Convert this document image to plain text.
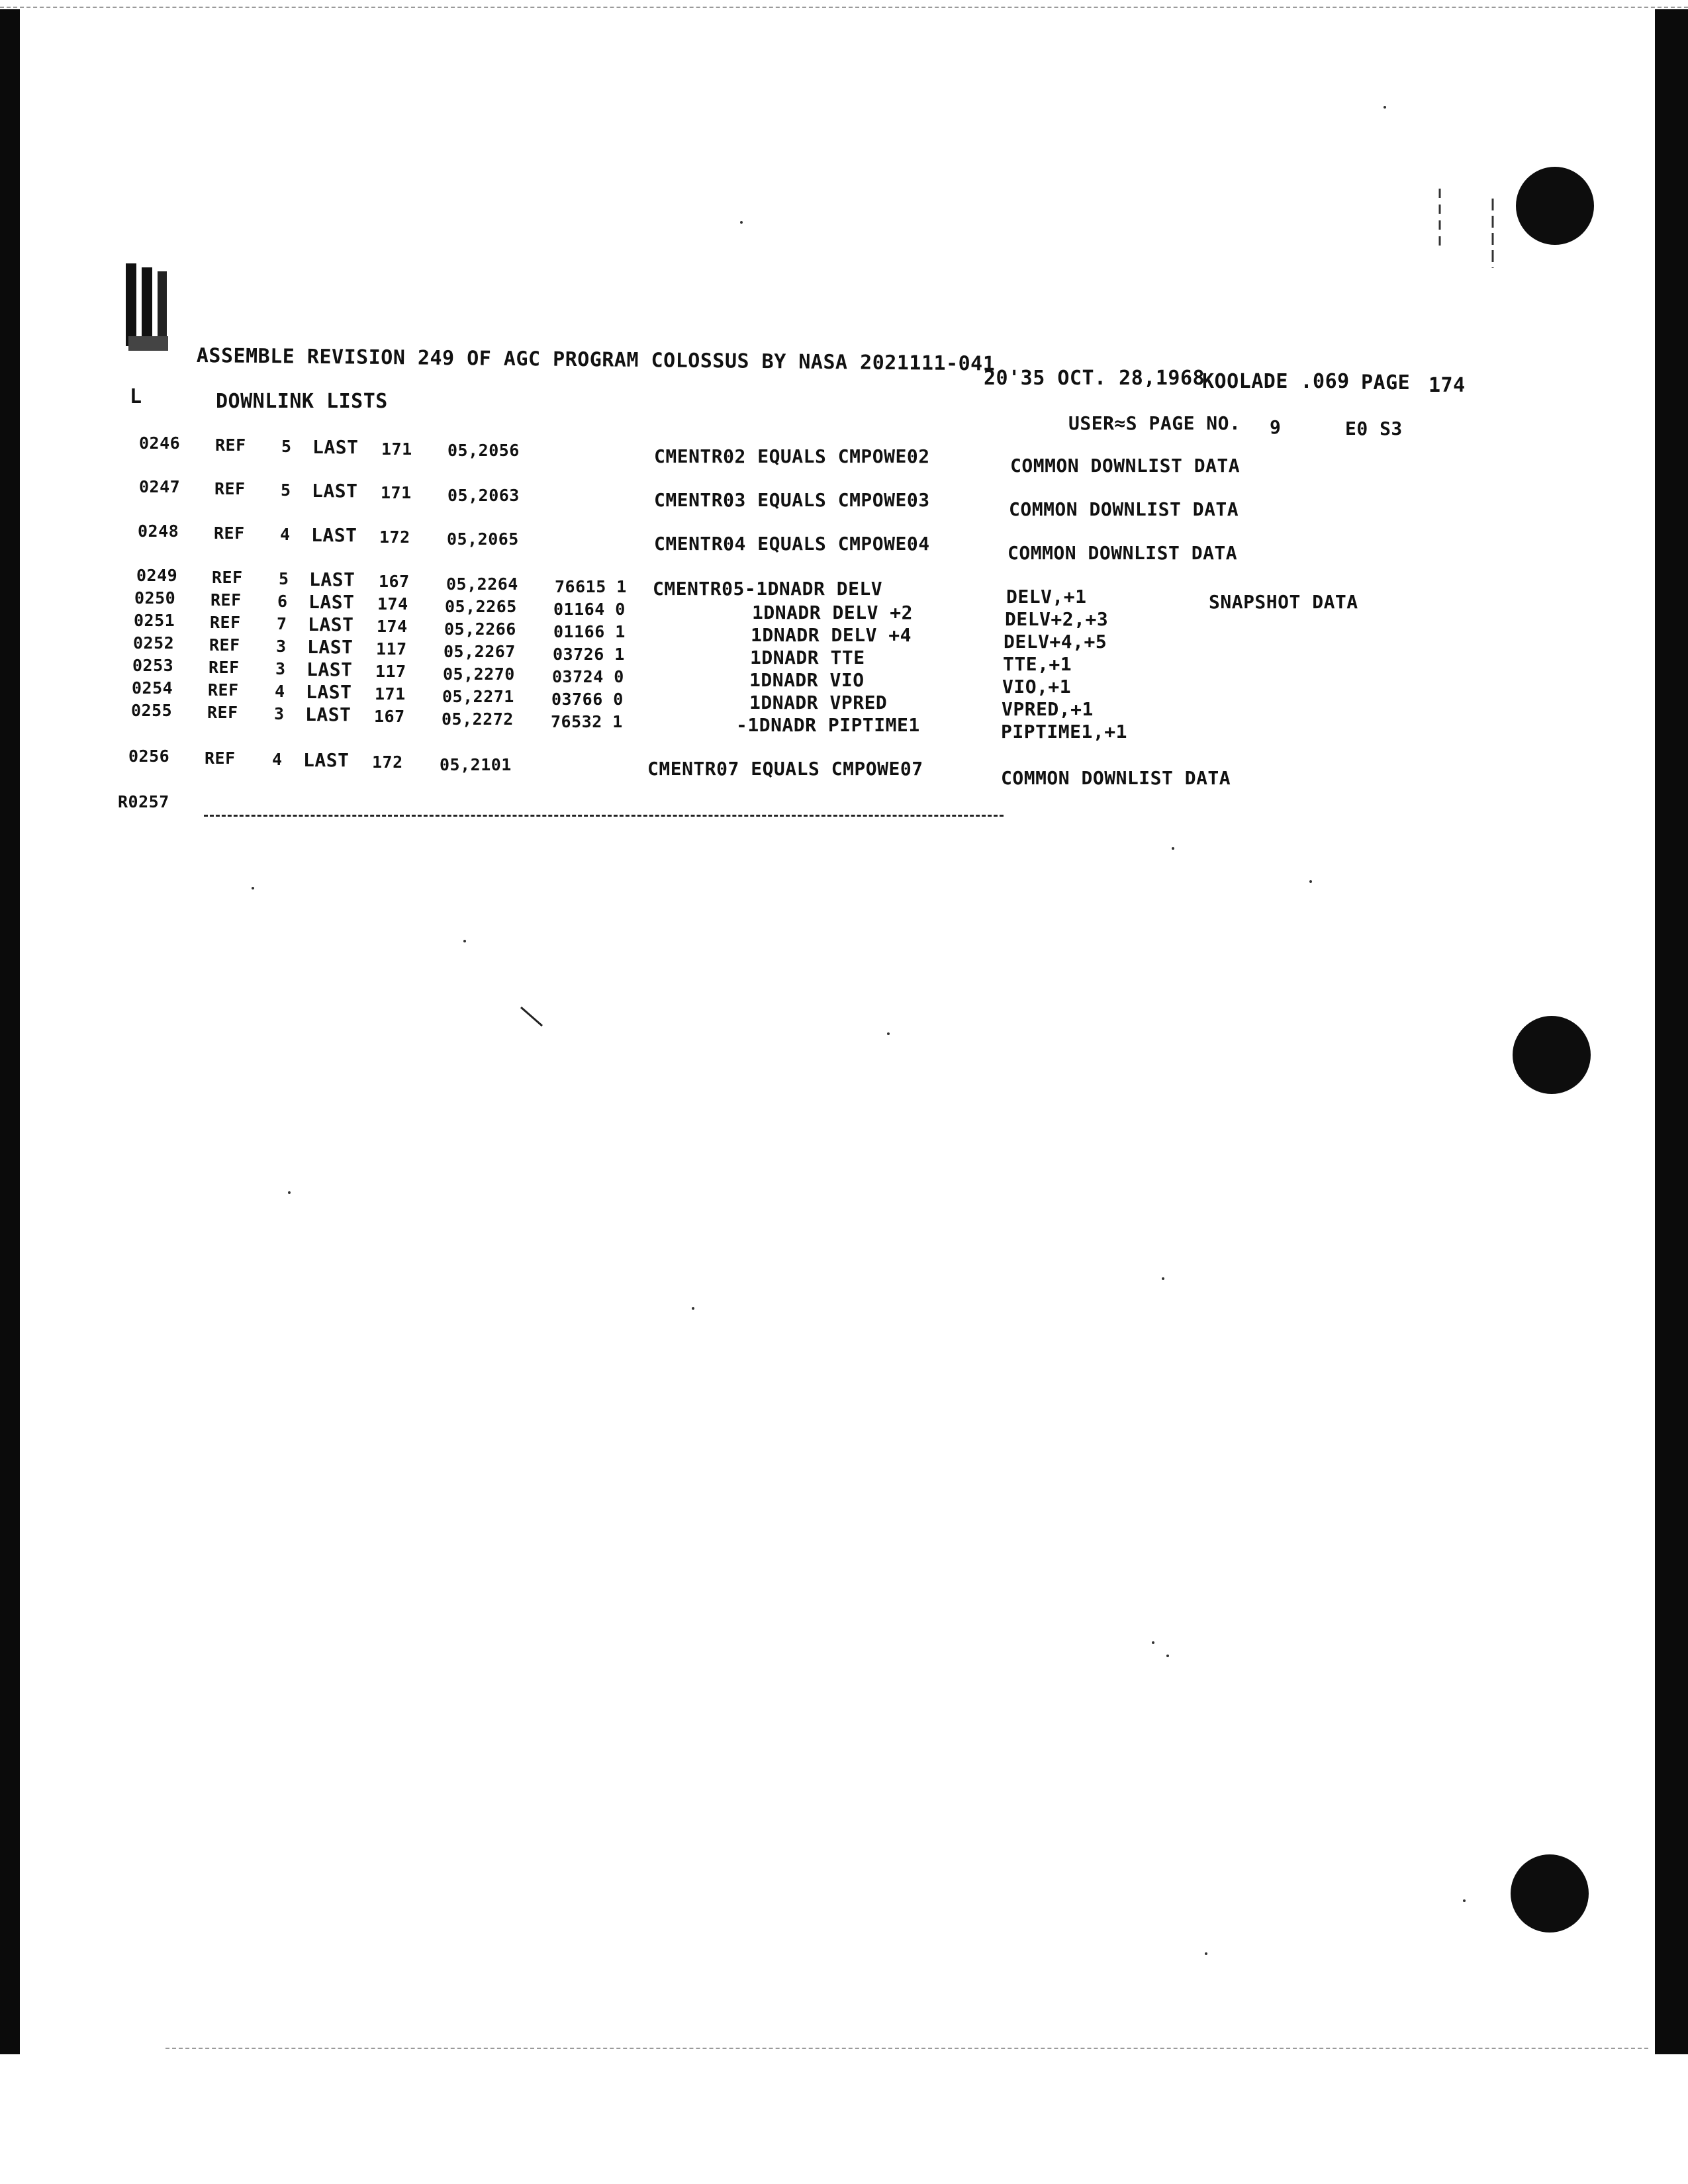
ASSEMBLE REVISION 249 OF AGC PROGRAM COLOSSUS BY NASA 2021111-041
20'35 OCT. 28,1968
KOOLADE .069 PAGE 174
L	DOWNLINK LISTS
USER≈S PAGE NO. 9	E0 S3
0246 REF 5 LAST 171 05,2056	CMENTR02 EQUALS CMPOWE02	COMMON DOWNLIST DATA
0247 REF 5 LAST 171 05,2063	CMENTR03 EQUALS CMPOWE03	COMMON DOWNLIST DATA
0248 REF 4 LAST 172 05,2065	CMENTR04 EQUALS CMPOWE04	COMMON DOWNLIST DATA
0249 REF 5 LAST 167 05,2264 76615 1 CMENTR05-1DNADR DELV	DELV,+1	SNAPSHOT DATA
0250 REF 6 LAST 174 05,2265 01164 0	1DNADR DELV +2	DELV+2,+3
0251 REF 7 LAST 174 05,2266 01166 1	1DNADR DELV +4	DELV+4,+5
0252 REF 3 LAST 117 05,2267 03726 1	1DNADR TTE	TTE,+1
0253 REF 3 LAST 117 05,2270 03724 0	1DNADR VIO	VIO,+1
0254 REF 4 LAST 171 05,2271 03766 0	1DNADR VPRED	VPRED,+1
0255 REF 3 LAST 167 05,2272 76532 1	-1DNADR PIPTIME1	PIPTIME1,+1
0256 REF 4 LAST 172 05,2101	CMENTR07 EQUALS CMPOWE07	COMMON DOWNLIST DATA
R0257
